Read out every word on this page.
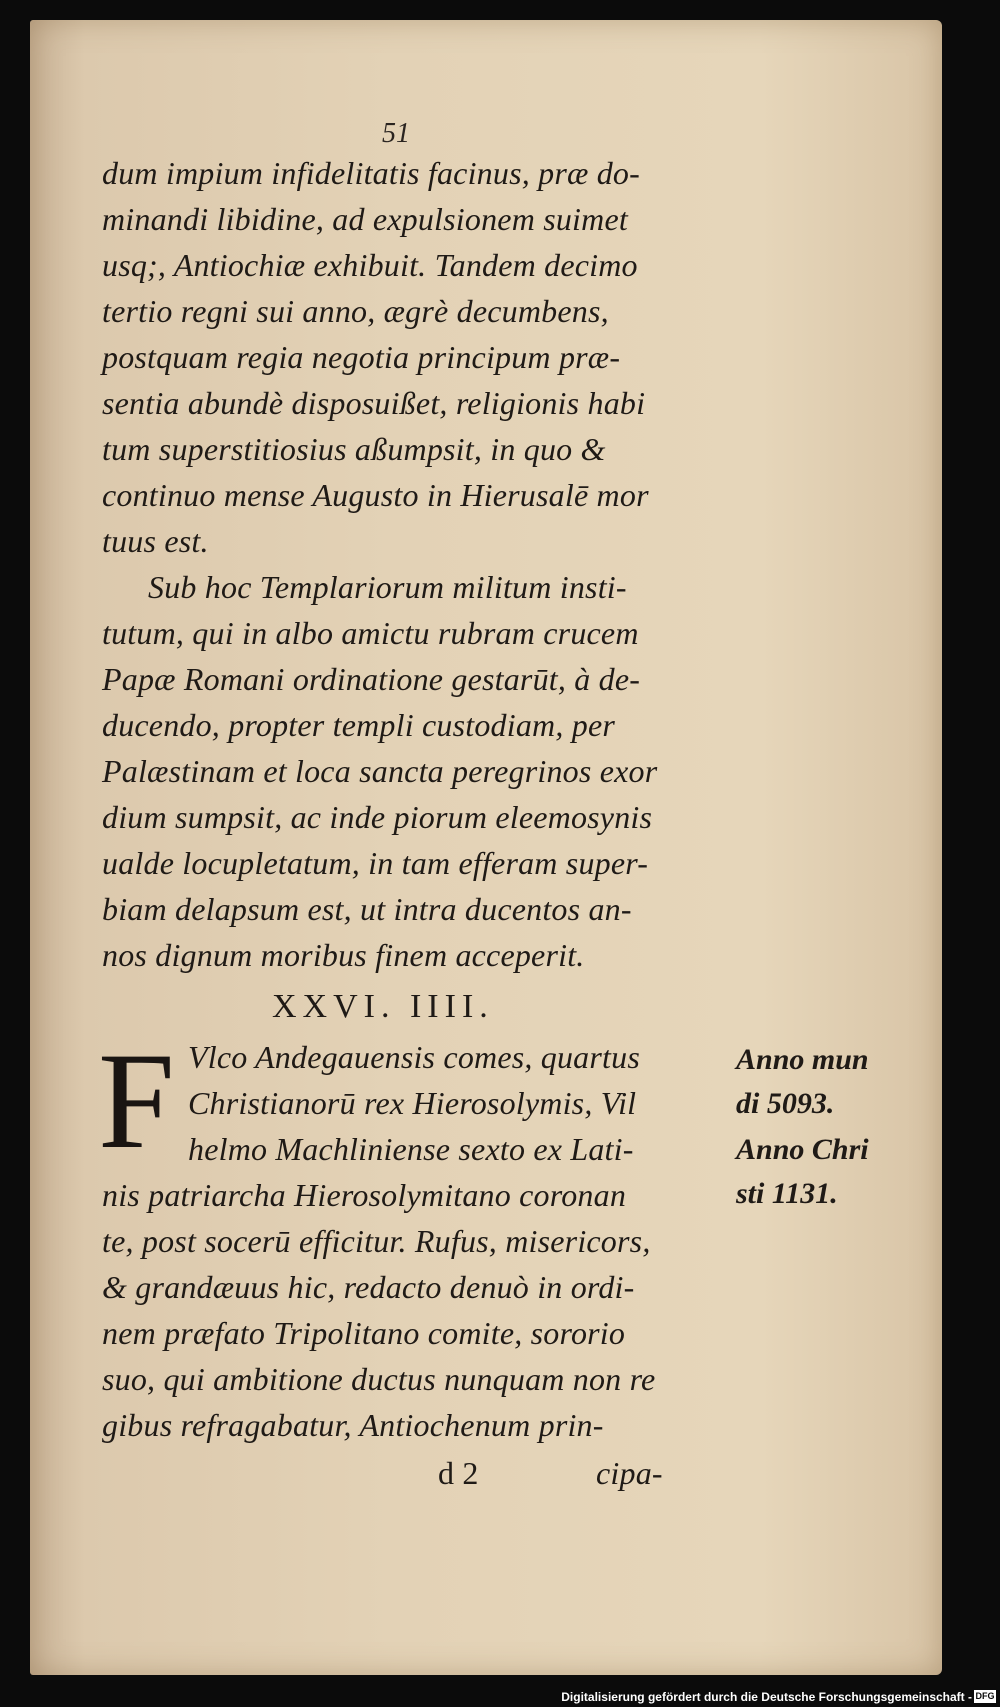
51

dum impium infidelitatis facinus, præ do-

minandi libidine, ad expulsionem suimet

usq;, Antiochiæ exhibuit. Tandem decimo

tertio regni sui anno, ægrè decumbens,

postquam regia negotia principum præ-

sentia abundè disposuißet, religionis habi

tum superstitiosius aßumpsit, in quo &

continuo mense Augusto in Hierusalē mor

tuus est.

Sub hoc Templariorum militum insti-

tutum, qui in albo amictu rubram crucem

Papæ Romani ordinatione gestarūt, à de-

ducendo, propter templi custodiam, per

Palæstinam et loca sancta peregrinos exor

dium sumpsit, ac inde piorum eleemosynis

ualde locupletatum, in tam efferam super-

biam delapsum est, ut intra ducentos an-

nos dignum moribus finem acceperit.

XXVI. IIII.
F Vlco Andegauensis comes, quartus

Christianorū rex Hierosolymis, Vil

helmo Machliniense sexto ex Lati-

nis patriarcha Hierosolymitano coronan

te, post socerū efficitur. Rufus, misericors,

& grandæuus hic, redacto denuò in ordi-

nem præfato Tripolitano comite, sororio

suo, qui ambitione ductus nunquam non re

gibus refragabatur, Antiochenum prin-

Anno mun
di 5093.
Anno Chri
sti 1131.

d 2	cipa-

Digitalisierung gefördert durch die Deutsche Forschungsgemeinschaft - DFG
